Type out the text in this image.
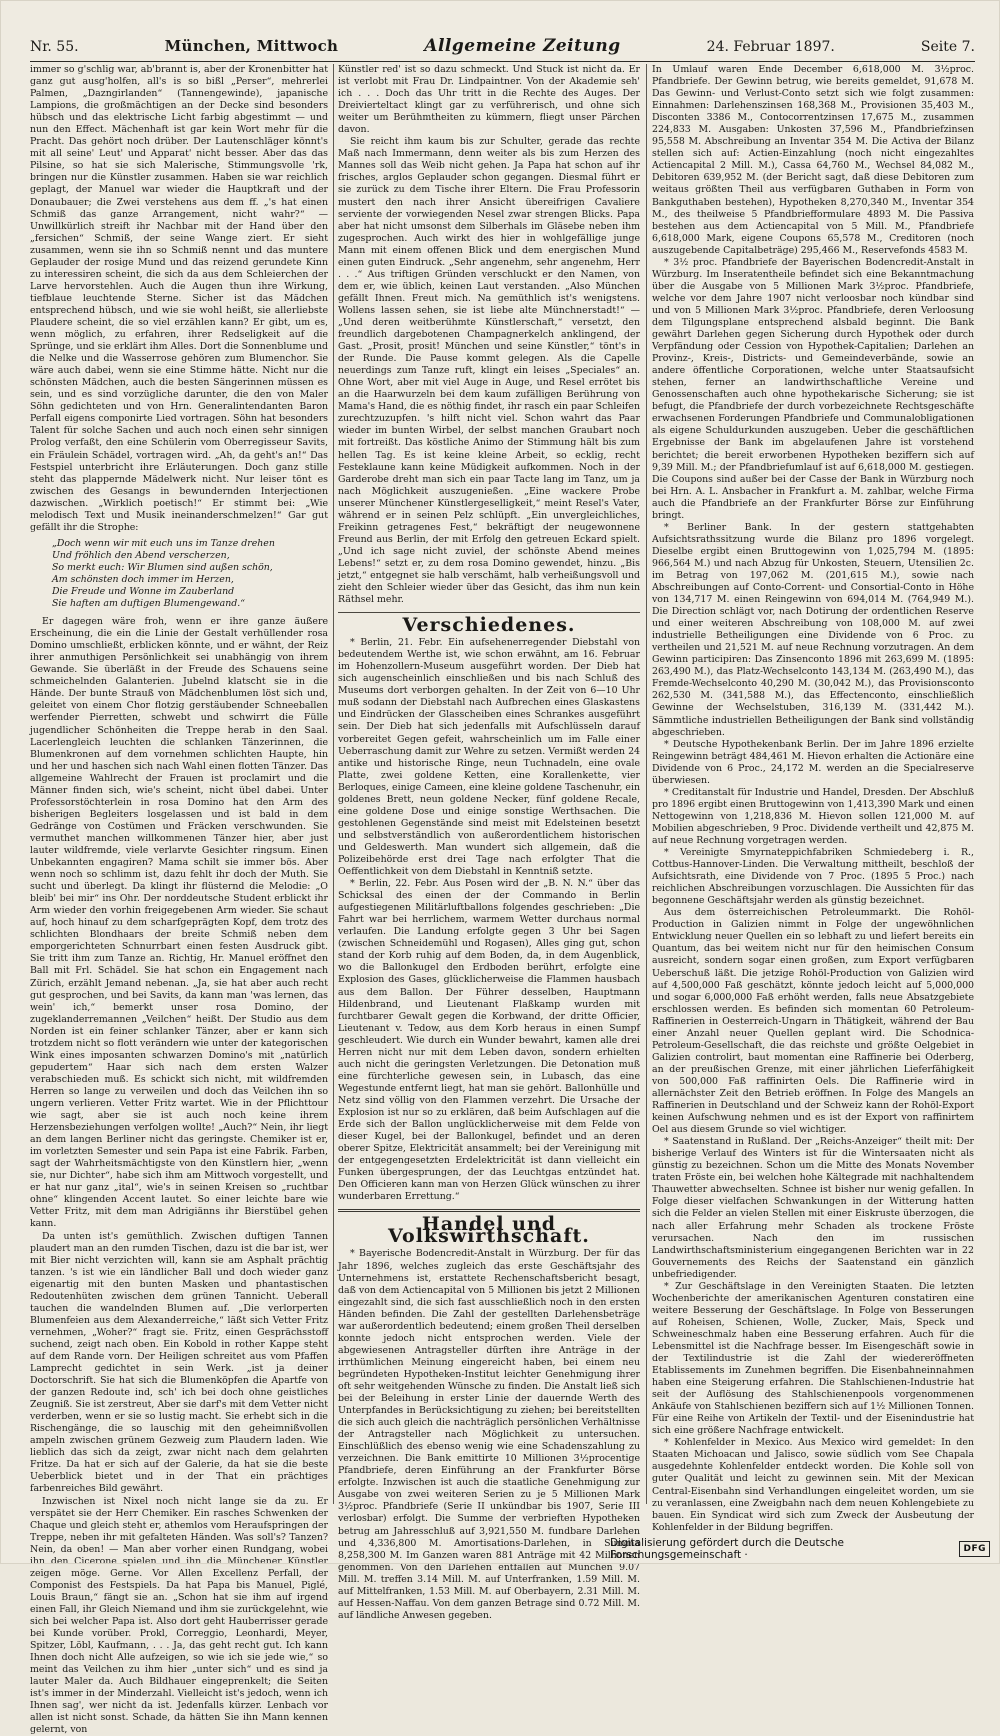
Nr. 55.	München, Mittwoch	Allgemeine Zeitung	24. Februar 1897.	Seite 7.

immer so g'schlig war, ab'brannt is, aber der Kronenbitter hat ganz gut ausg'holfen, all's is so bißl „Perser“, mehrerlei Palmen, „Dazngirlanden“ (Tannengewinde), japanische Lampions, die großmächtigen an der Decke sind besonders hübsch und das elektrische Licht farbig abgestimmt — und nun den Effect. Mächenhaft ist gar kein Wort mehr für die Pracht. Das gehört noch drüber. Der Lautenschläger könnt's mit all seine' Leut' und Apparat' nicht besser. Aber das das Pilsine, so hat sie sich Malerische, Stimmungsvolle 'rk, bringen nur die Künstler zusammen. Haben sie war reichlich geplagt, der Manuel war wieder die Hauptkraft und der Donaubauer; die Zwei verstehens aus dem ff. „'s hat einen Schmiß das ganze Arrangement, nicht wahr?“ — Unwillkürlich streift ihr Nachbar mit der Hand über den „fersichen“ Schmiß, der seine Wange ziert. Er sieht zusammen, wenn sie ihn so Schmiß nennt und das muntere Geplauder der rosige Mund und das reizend gerundete Kinn zu interessiren scheint, die sich da aus dem Schleierchen der Larve hervorstehlen. Auch die Augen thun ihre Wirkung, tiefblaue leuchtende Sterne. Sicher ist das Mädchen entsprechend hübsch, und wie sie wohl heißt, sie allerliebste Plaudere scheint, die so viel erzählen kann? Er gibt, um es, wenn möglich, zu erfahren, ihrer Redseligkeit auf die Sprünge, und sie erklärt ihm Alles. Dort die Sonnenblume und die Nelke und die Wasserrose gehören zum Blumenchor. Sie wäre auch dabei, wenn sie eine Stimme hätte. Nicht nur die schönsten Mädchen, auch die besten Sängerinnen müssen es sein, und es sind vorzügliche darunter, die den von Maler Söhn gedichteten und von Hrn. Generalintendanten Baron Perfall eigens componirte Lied vortragen. Söhn hat besonders Talent für solche Sachen und auch noch einen sehr sinnigen Prolog verfaßt, den eine Schülerin vom Oberregisseur Savits, ein Fräulein Schädel, vortragen wird. „Ah, da geht's an!“ Das Festspiel unterbricht ihre Erläuterungen. Doch ganz stille steht das plappernde Mädelwerk nicht. Nur leiser tönt es zwischen des Gesangs in bewundernden Interjectionen dazwischen. „Wirklich poetisch!“ Er stimmt bei: „Wie melodisch Text und Musik ineinanderschmelzen!“ Gar gut gefällt ihr die Strophe:

„Doch wenn wir mit euch uns im Tanze drehen
Und fröhlich den Abend verscherzen,
So merkt euch: Wir Blumen sind außen schön,
Am schönsten doch immer im Herzen,
Die Freude und Wonne im Zauberland
Sie haften am duftigen Blumengewand.“

Er dagegen wäre froh, wenn er ihre ganze äußere Erscheinung, die ein die Linie der Gestalt verhüllender rosa Domino umschließt, erblicken könnte, und er wähnt, der Reiz ihrer anmuthigen Persönlichkeit sei unabhängig von ihrem Gewande. Sie überläßt in der Freude des Schauens seine schmeichelnden Galanterien. Jubelnd klatscht sie in die Hände. Der bunte Strauß von Mädchenblumen löst sich und, geleitet von einem Chor flotzig gerstäubender Schneeballen werfender Pierretten, schwebt und schwirrt die Fülle jugendlicher Schönheiten die Treppe herab in den Saal. Lacerlengleich leuchten die schlanken Tänzerinnen, die Blumenkronen auf dem vornehmen schlichten Haupte, hin und her und haschen sich nach Wahl einen flotten Tänzer. Das allgemeine Wahlrecht der Frauen ist proclamirt und die Männer finden sich, wie's scheint, nicht übel dabei. Unter Professorstöchterlein in rosa Domino hat den Arm des bisherigen Begleiters losgelassen und ist bald in dem Gedränge von Costümen und Fräcken verschwunden. Sie vermuthet manchen willkommenen Tänzer hier, aber just lauter wildfremde, viele verlarvte Gesichter ringsum. Einen Unbekannten engagiren? Mama schilt sie immer bös. Aber wenn noch so schlimm ist, dazu fehlt ihr doch der Muth. Sie sucht und überlegt. Da klingt ihr flüsternd die Melodie: „O bleib' bei mir“ ins Ohr. Der norddeutsche Student erblickt ihr Arm wieder den vorhin freigegebenen Arm wieder. Sie schaut auf, hoch hinauf zu dem scharfgeprägten Kopf, dem trotz des schlichten Blondhaars der breite Schmiß neben dem emporgerichteten Schnurrbart einen festen Ausdruck gibt. Sie tritt ihm zum Tanze an. Richtig, Hr. Manuel eröffnet den Ball mit Frl. Schädel. Sie hat schon ein Engagement nach Zürich, erzählt Jemand nebenan. „Ja, sie hat aber auch recht gut gesprochen, und bei Savits, da kann man 'was lernen, das wein' ich,“ bemerkt unser rosa Domino, der zugeklanderremannen „Veilchen“ heißt. Der Studio aus dem Norden ist ein feiner schlanker Tänzer, aber er kann sich trotzdem nicht so flott verändern wie unter der kategorischen Wink eines imposanten schwarzen Domino's mit „natürlich gepudertem“ Haar sich nach dem ersten Walzer verabschieden muß. Es schickt sich nicht, mit wildfremden Herren so lange zu verweilen und doch das Veilchen ihn so ungern verlieren. Vetter Fritz wartet. Wie in der Pflichttour wie sagt, aber sie ist auch noch keine ihrem Herzensbeziehungen verfolgen wollte! „Auch?“ Nein, ihr liegt an dem langen Berliner nicht das geringste. Chemiker ist er, im vorletzten Semester und sein Papa ist eine Fabrik. Farben, sagt der Wahrheitsmächtigste von den Künstlern hier, „wenn sie, nur Dichter“, habe sich ihm am Mittwoch vorgestellt, und er hat nur ganz „ital“, wie's in seinen Kreisen so „ruchtbar ohne“ klingenden Accent lautet. So einer leichte bare wie Vetter Fritz, mit dem man Adrigiänns ihr Bierstübel gehen kann.

Da unten ist's gemüthlich. Zwischen duftigen Tannen plaudert man an den rumden Tischen, dazu ist die bar ist, wer mit Bier nicht verzichten will, kann sie am Asphalt prächtig tanzen. 's ist wie ein ländlicher Ball und doch wieder ganz eigenartig mit den bunten Masken und phantastischen Redoutenhüten zwischen dem grünen Tannicht. Ueberall tauchen die wandelnden Blumen auf. „Die verlorperten Blumenfeien aus dem Alexanderreiche,“ läßt sich Vetter Fritz vernehmen, „Woher?“ fragt sie. Fritz, einen Gesprächsstoff suchend, zeigt nach oben. Ein Kobold in rother Kappe steht auf dem Rande vorn. Der Heiligen schreitet aus vom Pfaffen Lamprecht gedichtet in sein Werk. „ist ja deiner Doctorschrift. Sie hat sich die Blumenköpfen die Apartfe von der ganzen Redoute ind, sch' ich bei doch ohne geistliches Zeugniß. Sie ist zerstreut, Aber sie darf's mit dem Vetter nicht verderben, wenn er sie so lustig macht. Sie erhebt sich in die Rischengänge, die so lauschig mit den geheimnißvollen ampeln zwischen grünem Gezweig zum Plaudern laden. Wie lieblich das sich da zeigt, zwar nicht nach dem gelahrten Fritze. Da hat er sich auf der Galerie, da hat sie die beste Ueberblick bietet und in der That ein prächtiges farbenreiches Bild gewährt.

Inzwischen ist Nixel noch nicht lange sie da zu. Er verspätet sie der Herr Chemiker. Ein rasches Schwenken der Chaque und gleich steht er, athemlos vom Heraufspringen der Treppe, neben ihr mit gefalteten Händen. Was soll's? Tanzen? Nein, da oben! — Man aber vorher einen Rundgang, wobei ihn den Cicerone spielen und ihn die Münchener Künstler zeigen möge. Gerne. Vor Allen Excellenz Perfall, der Componist des Festspiels. Da hat Papa bis Manuel, Piglé, Louis Braun,“ fängt sie an. „Schon hat sie ihm auf irgend einen Fall, ihr Gleich Niemand und ihm sie zurückgelehnt, wie sich bei welcher Papa ist. Also dort geht Hauberrisser gerade bei Kunde vorüber. Prokl, Correggio, Leonhardi, Meyer, Spitzer, Löbl, Kaufmann, . . . Ja, das geht recht gut. Ich kann Ihnen doch nicht Alle aufzeigen, so wie ich sie jede wie,“ so meint das Veilchen zu ihm hier „unter sich“ und es sind ja lauter Maler da. Auch Bildhauer eingeprenkelt; die Seiten ist's immer in der Minderzahl. Vielleicht ist's jedoch, wenn ich Ihnen sag', wer nicht da ist. Jedenfalls kürzer. Lenbach vor allen ist nicht sonst. Schade, da hätten Sie ihn Mann kennen gelernt, von

Künstler red' ist so dazu schmeckt. Und Stuck ist nicht da. Er ist verlobt mit Frau Dr. Lindpaintner. Von der Akademie seh' ich . . . Doch das Uhr tritt in die Rechte des Auges. Der Dreivierteltact klingt gar zu verführerisch, und ohne sich weiter um Berühmtheiten zu kümmern, fliegt unser Pärchen davon.

Sie reicht ihm kaum bis zur Schulter, gerade das rechte Maß nach Immermann, denn weiter als bis zum Herzen des Mannes soll das Weib nicht gehen. Ja Papa hat schon auf ihr frisches, arglos Geplauder schon gegangen. Diesmal führt er sie zurück zu dem Tische ihrer Eltern. Die Frau Professorin mustert den nach ihrer Ansicht übereifrigen Cavaliere serviente der vorwiegenden Nesel zwar strengen Blicks. Papa aber hat nicht umsonst dem Silberhals im Gläsebe neben ihm zugesprochen. Auch wirkt des hier in wohlgefällige junge Mann mit einem offenen Blick und dem energischen Mund einen guten Eindruck. „Sehr angenehm, sehr angenehm, Herr . . .“ Aus triftigen Gründen verschluckt er den Namen, von dem er, wie üblich, keinen Laut verstanden. „Also München gefällt Ihnen. Freut mich. Na gemüthlich ist's wenigstens. Wollens lassen sehen, sie ist liebe alte Münchnerstadt!“ — „Und deren weitberühmte Künstlerschaft,“ versetzt, den freundlich dargebotenen Champagnerkelch anklingend, der Gast. „Prosit, prosit! München und seine Künstler,“ tönt's in der Runde. Die Pause kommt gelegen. Als die Capelle neuerdings zum Tanze ruft, klingt ein leises „Speciales“ an. Ohne Wort, aber mit viel Auge in Auge, und Resel errötet bis an die Haarwurzeln bei dem kaum zufälligen Berührung von Mama's Hand, die es nöthig findet, ihr rasch ein paar Schleifen zurechtzuzupfen. 's hilft nicht viel. Schon wahrt das Paar wieder im bunten Wirbel, der selbst manchen Graubart noch mit fortreißt. Das köstliche Animo der Stimmung hält bis zum hellen Tag. Es ist keine kleine Arbeit, so ecklig, recht Festeklaune kann keine Müdigkeit aufkommen. Noch in der Garderobe dreht man sich ein paar Tacte lang im Tanz, um ja nach Möglichkeit auszugenießen. „Eine wackere Probe unserer Münchener Künstlergeselligkeit,“ meint Resel's Vater, während er in seinen Pelz schlüpft. „Ein unvergleichliches, Freikinn getragenes Fest,“ bekräftigt der neugewonnene Freund aus Berlin, der mit Erfolg den getreuen Eckard spielt. „Und ich sage nicht zuviel, der schönste Abend meines Lebens!“ setzt er, zu dem rosa Domino gewendet, hinzu. „Bis jetzt,“ entgegnet sie halb verschämt, halb verheißungsvoll und zieht den Schleier wieder über das Gesicht, das ihm nun kein Räthsel mehr.

Verschiedenes.

* Berlin, 21. Febr. Ein aufsehenerregender Diebstahl von bedeutendem Werthe ist, wie schon erwähnt, am 16. Februar im Hohenzollern-Museum ausgeführt worden. Der Dieb hat sich augenscheinlich einschließen und bis nach Schluß des Museums dort verborgen gehalten. In der Zeit von 6—10 Uhr muß sodann der Diebstahl nach Aufbrechen eines Glaskastens und Eindrücken der Glasscheiben eines Schrankes ausgeführt sein. Der Dieb hat sich jedenfalls mit Aufschlüsseln darauf vorbereitet Gegen gefeit, wahrscheinlich um im Falle einer Ueberraschung damit zur Wehre zu setzen. Vermißt werden 24 antike und historische Ringe, neun Tuchnadeln, eine ovale Platte, zwei goldene Ketten, eine Korallenkette, vier Berloques, einige Cameen, eine kleine goldene Taschenuhr, ein goldenes Brett, neun goldene Necker, fünf goldene Recale, eine goldene Dose und einige sonstige Werthsachen. Die gestohlenen Gegenstände sind meist mit Edelsteinen besetzt und selbstverständlich von außerordentlichem historischen und Geldeswerth. Man wundert sich allgemein, daß die Polizeibehörde erst drei Tage nach erfolgter That die Oeffentlichkeit von dem Diebstahl in Kenntniß setzte.

* Berlin, 22. Febr. Aus Posen wird der „B. N. N.“ über das Schicksal des einen der der Commando in Berlin aufgestiegenen Militärluftballons folgendes geschrieben: „Die Fahrt war bei herrlichem, warmem Wetter durchaus normal verlaufen. Die Landung erfolgte gegen 3 Uhr bei Sagen (zwischen Schneidemühl und Rogasen), Alles ging gut, schon stand der Korb ruhig auf dem Boden, da, in dem Augenblick, wo die Ballonkugel den Erdboden berührt, erfolgte eine Explosion des Gases, glücklicherweise die Flammen hausbach aus dem Ballon. Der Führer desselben, Hauptmann Hildenbrand, und Lieutenant Flaßkamp wurden mit furchtbarer Gewalt gegen die Korbwand, der dritte Officier, Lieutenant v. Tedow, aus dem Korb heraus in einen Sumpf geschleudert. Wie durch ein Wunder bewahrt, kamen alle drei Herren nicht nur mit dem Leben davon, sondern erhielten auch nicht die geringsten Verletzungen. Die Detonation muß eine fürchterliche gewesen sein, in Lubasch, das eine Wegestunde entfernt liegt, hat man sie gehört. Ballonhülle und Netz sind völlig von den Flammen verzehrt. Die Ursache der Explosion ist nur so zu erklären, daß beim Aufschlagen auf die Erde sich der Ballon unglücklicherweise mit dem Felde von dieser Kugel, bei der Ballonkugel, befindet und an deren oberer Spitze, Elektricität ansammelt; bei der Vereinigung mit der entgegengesetzten Erdelektricität ist dann vielleicht ein Funken übergesprungen, der das Leuchtgas entzündet hat. Den Officieren kann man von Herzen Glück wünschen zu ihrer wunderbaren Errettung.“

Handel und Volkswirthschaft.

* Bayerische Bodencredit-Anstalt in Würzburg. Der für das Jahr 1896, welches zugleich das erste Geschäftsjahr des Unternehmens ist, erstattete Rechenschaftsbericht besagt, daß von dem Actiencapital von 5 Millionen bis jetzt 2 Millionen eingezahlt sind, die sich fast ausschließlich noch in den ersten Händen befinden. Die Zahl der gestellten Darlehensbeträge war außerordentlich bedeutend; einem großen Theil derselben konnte jedoch nicht entsprochen werden. Viele der abgewiesenen Antragsteller dürften ihre Anträge in der irrthümlichen Meinung eingereicht haben, bei einem neu begründeten Hypotheken-Institut leichter Genehmigung ihrer oft sehr weitgehenden Wünsche zu finden. Die Anstalt ließ sich bei der Beleihung in erster Linie der dauernde Werth des Unterpfandes in Berücksichtigung zu ziehen; bei bereitstellten die sich auch gleich die nachträglich persönlichen Verhältnisse der Antragsteller nach Möglichkeit zu untersuchen. Einschlüßlich des ebenso wenig wie eine Schadenszahlung zu verzeichnen. Die Bank emittirte 10 Millionen 3½procentige Pfandbriefe, deren Einführung an der Frankfurter Börse erfolgte. Inzwischen ist auch die staatliche Genehmigung zur Ausgabe von zwei weiteren Serien zu je 5 Millionen Mark 3½proc. Pfandbriefe (Serie II unkündbar bis 1907, Serie III verlosbar) erfolgt. Die Summe der verbrieften Hypotheken betrug am Jahresschluß auf 3,921,550 M. fundbare Darlehen und 4,336,800 M. Amortisations-Darlehen, in Summa 8,258,300 M. Im Ganzen waren 881 Anträge mit 42 Millionen genommen. Von den Darlehen entfallen auf München 9.07 Mill. M. treffen 3.14 Mill. M. auf Unterfranken, 1.59 Mill. M. auf Mittelfranken, 1.53 Mill. M. auf Oberbayern, 2.31 Mill. M. auf Hessen-Naffau. Von dem ganzen Betrage sind 0.72 Mill. M. auf ländliche Anwesen gegeben.

In Umlauf waren Ende December 6,618,000 M. 3½proc. Pfandbriefe. Der Gewinn betrug, wie bereits gemeldet, 91,678 M. Das Gewinn- und Verlust-Conto setzt sich wie folgt zusammen: Einnahmen: Darlehenszinsen 168,368 M., Provisionen 35,403 M., Disconten 3386 M., Contocorrentzinsen 17,675 M., zusammen 224,833 M. Ausgaben: Unkosten 37,596 M., Pfandbriefzinsen 95,558 M. Abschreibung an Inventar 354 M. Die Activa der Bilanz stellen sich auf: Actien-Einzahlung (noch nicht eingezahltes Actiencapital 2 Mill. M.), Cassa 64,760 M., Wechsel 84,082 M., Debitoren 639,952 M. (der Bericht sagt, daß diese Debitoren zum weitaus größten Theil aus verfügbaren Guthaben in Form von Bankguthaben bestehen), Hypotheken 8,270,340 M., Inventar 354 M., des theilweise 5 Pfandbriefformulare 4893 M. Die Passiva bestehen aus dem Actiencapital von 5 Mill. M., Pfandbriefe 6,618,000 Mark, eigene Coupons 65,578 M., Creditoren (noch auszugebende Capitalbeträge) 295,466 M., Reservefonds 4583 M.

* 3½ proc. Pfandbriefe der Bayerischen Bodencredit-Anstalt in Würzburg. Im Inseratentheile befindet sich eine Bekanntmachung über die Ausgabe von 5 Millionen Mark 3½proc. Pfandbriefe, welche vor dem Jahre 1907 nicht verloosbar noch kündbar sind und von 5 Millionen Mark 3½proc. Pfandbriefe, deren Verloosung dem Tilgungsplane entsprechend alsbald beginnt. Die Bank gewährt Darlehen gegen Sicherung durch Hypothek oder durch Verpfändung oder Cession von Hypothek-Capitalien; Darlehen an Provinz-, Kreis-, Districts- und Gemeindeverbände, sowie an andere öffentliche Corporationen, welche unter Staatsaufsicht stehen, ferner an landwirthschaftliche Vereine und Genossenschaften auch ohne hypothekarische Sicherung; sie ist befugt, die Pfandbriefe der durch vorbezeichnete Rechtsgeschäfte erwachsenen Forderungen Pfandbriefe und Communalobligationen als eigene Schuldurkunden auszugeben. Ueber die geschäftlichen Ergebnisse der Bank im abgelaufenen Jahre ist vorstehend berichtet; die bereit erworbenen Hypotheken beziffern sich auf 9,39 Mill. M.; der Pfandbriefumlauf ist auf 6,618,000 M. gestiegen. Die Coupons sind außer bei der Casse der Bank in Würzburg noch bei Hrn. A. L. Ansbacher in Frankfurt a. M. zahlbar, welche Firma auch die Pfandbriefe an der Frankfurter Börse zur Einführung bringt.

* Berliner Bank. In der gestern stattgehabten Aufsichtsrathssitzung wurde die Bilanz pro 1896 vorgelegt. Dieselbe ergibt einen Bruttogewinn von 1,025,794 M. (1895: 966,564 M.) und nach Abzug für Unkosten, Steuern, Utensilien 2c. im Betrag von 197,062 M. (201,615 M.), sowie nach Abschreibungen auf Conto-Corrent- und Consortial-Conto in Höhe von 134,717 M. einen Reingewinn von 694,014 M. (764,949 M.). Die Direction schlägt vor, nach Dotirung der ordentlichen Reserve und einer weiteren Abschreibung von 108,000 M. auf zwei industrielle Betheiligungen eine Dividende von 6 Proc. zu vertheilen und 21,521 M. auf neue Rechnung vorzutragen. An dem Gewinn participiren: Das Zinsenconto 1896 mit 263,699 M. (1895: 263,490 M.), das Platz-Wechselconto 143,134 M. (263,490 M.), das Fremde-Wechselconto 40,290 M. (30,042 M.), das Provisionsconto 262,530 M. (341,588 M.), das Effectenconto, einschließlich Gewinne der Wechselstuben, 316,139 M. (331,442 M.). Sämmtliche industriellen Betheiligungen der Bank sind vollständig abgeschrieben.

* Deutsche Hypothekenbank Berlin. Der im Jahre 1896 erzielte Reingewinn beträgt 484,461 M. Hievon erhalten die Actionäre eine Dividende von 6 Proc., 24,172 M. werden an die Specialreserve überwiesen.

* Creditanstalt für Industrie und Handel, Dresden. Der Abschluß pro 1896 ergibt einen Bruttogewinn von 1,413,390 Mark und einen Nettogewinn von 1,218,836 M. Hievon sollen 121,000 M. auf Mobilien abgeschrieben, 9 Proc. Dividende vertheilt und 42,875 M. auf neue Rechnung vorgetragen werden.

* Vereinigte Smyrnateppichfabriken Schmiedeberg i. R., Cottbus-Hannover-Linden. Die Verwaltung mittheilt, beschloß der Aufsichtsrath, eine Dividende von 7 Proc. (1895 5 Proc.) nach reichlichen Abschreibungen vorzuschlagen. Die Aussichten für das begonnene Geschäftsjahr werden als günstig bezeichnet.

Aus dem österreichischen Petroleummarkt. Die Rohöl-Production in Galizien nimmt in Folge der ungewöhnlichen Entwicklung neuer Quellen ein so lebhaft zu und liefert bereits ein Quantum, das bei weitem nicht nur für den heimischen Consum ausreicht, sondern sogar einen großen, zum Export verfügbaren Ueberschuß läßt. Die jetzige Rohöl-Production von Galizien wird auf 4,500,000 Faß geschätzt, könnte jedoch leicht auf 5,000,000 und sogar 6,000,000 Faß erhöht werden, falls neue Absatzgebiete erschlossen werden. Es befinden sich momentan 60 Petroleum-Raffinerien in Oesterreich-Ungarn in Thätigkeit, während der Bau einer Anzahl neuer Quellen geplant wird. Die Schodnica-Petroleum-Gesellschaft, die das reichste und größte Oelgebiet in Galizien controlirt, baut momentan eine Raffinerie bei Oderberg, an der preußischen Grenze, mit einer jährlichen Lieferfähigkeit von 500,000 Faß raffinirten Oels. Die Raffinerie wird in allernächster Zeit den Betrieb eröffnen. In Folge des Mangels an Raffinerien in Deutschland und der Schweiz kann der Rohöl-Export keinen Aufschwung nehmen und es ist der Export von raffinirtem Oel aus diesem Grunde so viel wichtiger.

* Saatenstand in Rußland. Der „Reichs-Anzeiger“ theilt mit: Der bisherige Verlauf des Winters ist für die Wintersaaten nicht als günstig zu bezeichnen. Schon um die Mitte des Monats November traten Fröste ein, bei welchen hohe Kältegrade mit nachhaltendem Thauwetter abwechselten. Schnee ist bisher nur wenig gefallen. In Folge dieser vielfachen Schwankungen in der Witterung hatten sich die Felder an vielen Stellen mit einer Eiskruste überzogen, die nach aller Erfahrung mehr Schaden als trockene Fröste verursachen. Nach den im russischen Landwirthschaftsministerium eingegangenen Berichten war in 22 Gouvernements des Reichs der Saatenstand ein gänzlich unbefriedigender.

* Zur Geschäftslage in den Vereinigten Staaten. Die letzten Wochenberichte der amerikanischen Agenturen constatiren eine weitere Besserung der Geschäftslage. In Folge von Besserungen auf Roheisen, Schienen, Wolle, Zucker, Mais, Speck und Schweineschmalz haben eine Besserung erfahren. Auch für die Lebensmittel ist die Nachfrage besser. Im Eisengeschäft sowie in der Textilindustrie ist die Zahl der wiedereröffneten Etablissements im Zunehmen begriffen. Die Eisenbahneinnahmen haben eine Steigerung erfahren. Die Stahlschienen-Industrie hat seit der Auflösung des Stahlschienenpools vorgenommenen Ankäufe von Stahlschienen beziffern sich auf 1½ Millionen Tonnen. Für eine Reihe von Artikeln der Textil- und der Eisenindustrie hat sich eine größere Nachfrage entwickelt.

* Kohlenfelder in Mexico. Aus Mexico wird gemeldet: In den Staaten Michoacan und Jalisco, sowie südlich vom See Chapala ausgedehnte Kohlenfelder entdeckt worden. Die Kohle soll von guter Qualität und leicht zu gewinnen sein. Mit der Mexican Central-Eisenbahn sind Verhandlungen eingeleitet worden, um sie zu veranlassen, eine Zweigbahn nach dem neuen Kohlengebiete zu bauen. Ein Syndicat wird sich zum Zweck der Ausbeutung der Kohlenfelder in der Bildung begriffen.

Digitalisierung gefördert durch die Deutsche Forschungsgemeinschaft ·	DFG
